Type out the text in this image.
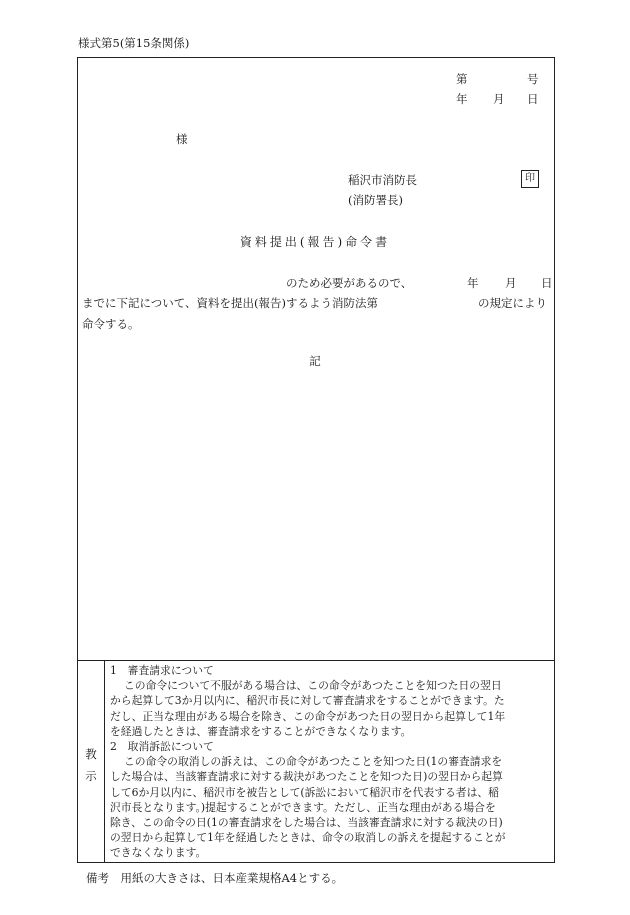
様式第5(第15条関係)
第	号
年 月 日
様
稲沢市消防長
(消防署長)
印
資料提出(報告)命令書
のため必要があるので、	年 月 日
までに下記について、資料を提出(報告)するよう消防法第	の規定により
命令する。
記
教
示

1　審査請求について

この命令について不服がある場合は、この命令があつたことを知つた日の翌日

から起算して3か月以内に、稲沢市長に対して審査請求をすることができます。た

だし、正当な理由がある場合を除き、この命令があつた日の翌日から起算して1年

を経過したときは、審査請求をすることができなくなります。

2　取消訴訟について

この命令の取消しの訴えは、この命令があつたことを知つた日(1の審査請求を

した場合は、当該審査請求に対する裁決があつたことを知つた日)の翌日から起算

して6か月以内に、稲沢市を被告として(訴訟において稲沢市を代表する者は、稲

沢市長となります。)提起することができます。ただし、正当な理由がある場合を

除き、この命令の日(1の審査請求をした場合は、当該審査請求に対する裁決の日)

の翌日から起算して1年を経過したときは、命令の取消しの訴えを提起することが

できなくなります。

備考　用紙の大きさは、日本産業規格A4とする。
